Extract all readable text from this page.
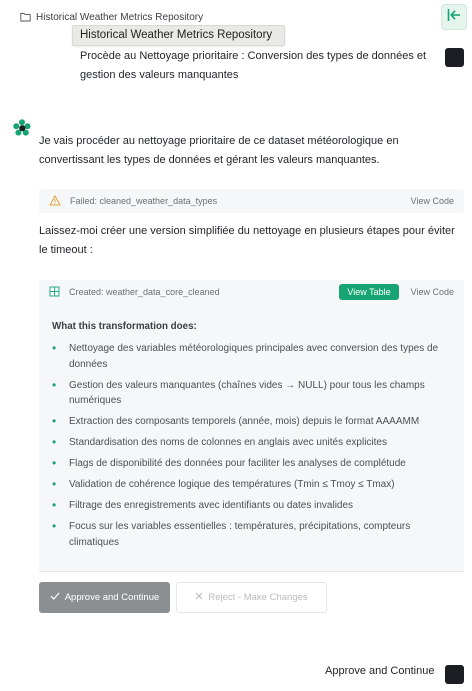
Historical Weather Metrics Repository
Historical Weather Metrics Repository
Procède au Nettoyage prioritaire : Conversion des types de données et gestion des valeurs manquantes
Je vais procéder au nettoyage prioritaire de ce dataset météorologique en convertissant les types de données et gérant les valeurs manquantes.
Failed: cleaned_weather_data_types	View Code
Laissez-moi créer une version simplifiée du nettoyage en plusieurs étapes pour éviter le timeout :
Created: weather_data_core_cleaned	View Table	View Code
What this transformation does:
• Nettoyage des variables météorologiques principales avec conversion des types de données
• Gestion des valeurs manquantes (chaînes vides → NULL) pour tous les champs numériques
• Extraction des composants temporels (année, mois) depuis le format AAAAMM
• Standardisation des noms de colonnes en anglais avec unités explicites
• Flags de disponibilité des données pour faciliter les analyses de complétude
• Validation de cohérence logique des températures (Tmin ≤ Tmoy ≤ Tmax)
• Filtrage des enregistrements avec identifiants ou dates invalides
• Focus sur les variables essentielles : températures, précipitations, compteurs climatiques
Approve and Continue	Reject - Make Changes
Approve and Continue
